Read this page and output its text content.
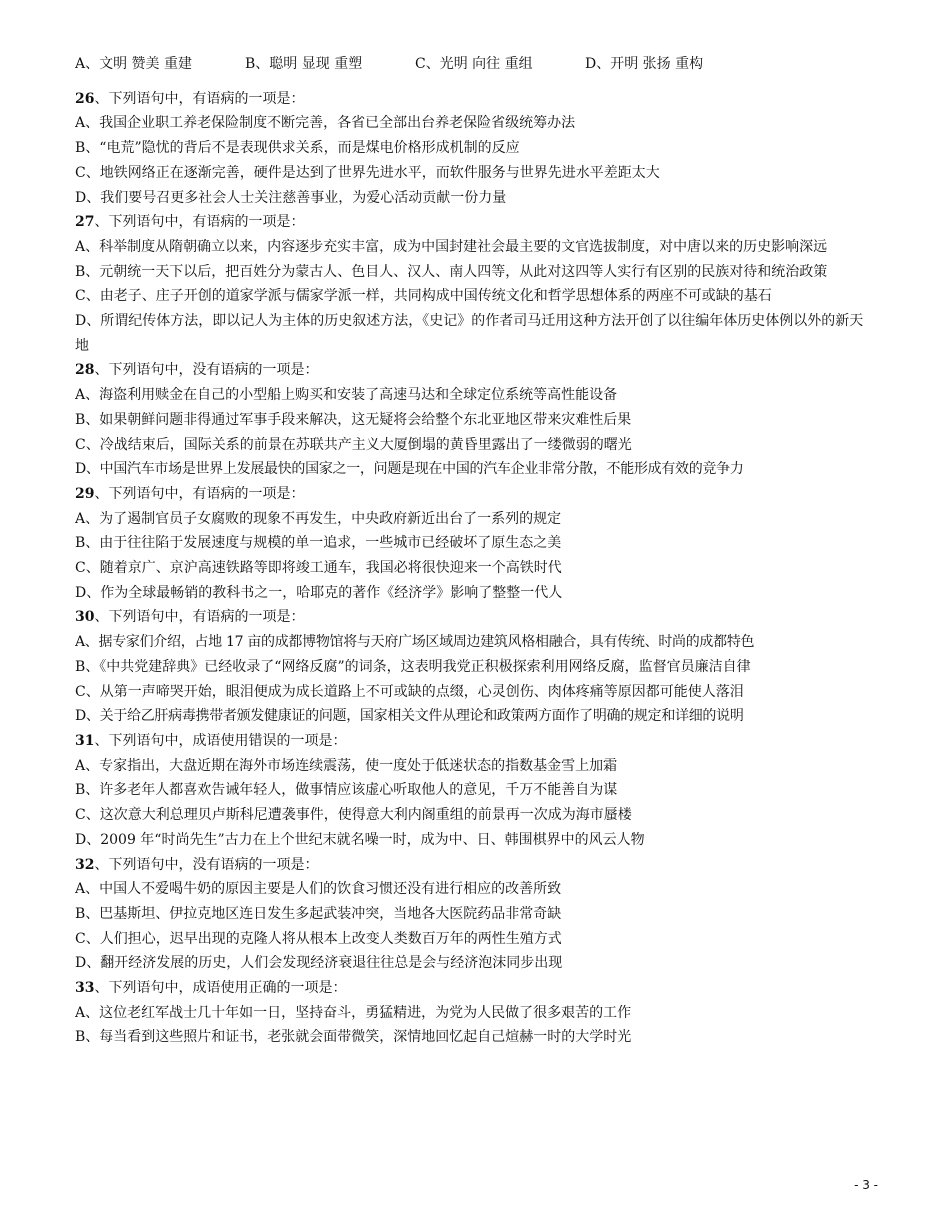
A、文明 赞美 重建	B、聪明 显现 重塑	C、光明 向往 重组	D、开明 张扬 重构
26、下列语句中，有语病的一项是：
A、我国企业职工养老保险制度不断完善，各省已全部出台养老保险省级统筹办法
B、“电荒”隐忧的背后不是表现供求关系，而是煤电价格形成机制的反应
C、地铁网络正在逐渐完善，硬件是达到了世界先进水平，而软件服务与世界先进水平差距太大
D、我们要号召更多社会人士关注慈善事业，为爱心活动贡献一份力量
27、下列语句中，有语病的一项是：
A、科举制度从隋朝确立以来，内容逐步充实丰富，成为中国封建社会最主要的文官选拔制度，对中唐以来的历史影响深远
B、元朝统一天下以后，把百姓分为蒙古人、色目人、汉人、南人四等，从此对这四等人实行有区别的民族对待和统治政策
C、由老子、庄子开创的道家学派与儒家学派一样，共同构成中国传统文化和哲学思想体系的两座不可或缺的基石
D、所谓纪传体方法，即以记人为主体的历史叙述方法，《史记》的作者司马迁用这种方法开创了以往编年体历史体例以外的新天地
28、下列语句中，没有语病的一项是：
A、海盗利用赎金在自己的小型船上购买和安装了高速马达和全球定位系统等高性能设备
B、如果朝鲜问题非得通过军事手段来解决，这无疑将会给整个东北亚地区带来灾难性后果
C、冷战结束后，国际关系的前景在苏联共产主义大厦倒塌的黄昏里露出了一缕微弱的曙光
D、中国汽车市场是世界上发展最快的国家之一，问题是现在中国的汽车企业非常分散，不能形成有效的竞争力
29、下列语句中，有语病的一项是：
A、为了遏制官员子女腐败的现象不再发生，中央政府新近出台了一系列的规定
B、由于往往陷于发展速度与规模的单一追求，一些城市已经破坏了原生态之美
C、随着京广、京沪高速铁路等即将竣工通车，我国必将很快迎来一个高铁时代
D、作为全球最畅销的教科书之一，哈耶克的著作《经济学》影响了整整一代人
30、下列语句中，有语病的一项是：
A、据专家们介绍，占地 17 亩的成都博物馆将与天府广场区域周边建筑风格相融合，具有传统、时尚的成都特色
B、《中共党建辞典》已经收录了“网络反腐”的词条，这表明我党正积极探索利用网络反腐，监督官员廉洁自律
C、从第一声啼哭开始，眼泪便成为成长道路上不可或缺的点缀，心灵创伤、肉体疼痛等原因都可能使人落泪
D、关于给乙肝病毒携带者颁发健康证的问题，国家相关文件从理论和政策两方面作了明确的规定和详细的说明
31、下列语句中，成语使用错误的一项是：
A、专家指出，大盘近期在海外市场连续震荡，使一度处于低迷状态的指数基金雪上加霜
B、许多老年人都喜欢告诫年轻人，做事情应该虚心听取他人的意见，千万不能善自为谋
C、这次意大利总理贝卢斯科尼遭袭事件，使得意大利内阁重组的前景再一次成为海市蜃楼
D、2009 年“时尚先生”古力在上个世纪末就名噪一时，成为中、日、韩围棋界中的风云人物
32、下列语句中，没有语病的一项是：
A、中国人不爱喝牛奶的原因主要是人们的饮食习惯还没有进行相应的改善所致
B、巴基斯坦、伊拉克地区连日发生多起武装冲突，当地各大医院药品非常奇缺
C、人们担心，迟早出现的克隆人将从根本上改变人类数百万年的两性生殖方式
D、翻开经济发展的历史，人们会发现经济衰退往往总是会与经济泡沫同步出现
33、下列语句中，成语使用正确的一项是：
A、这位老红军战士几十年如一日，坚持奋斗，勇猛精进，为党为人民做了很多艰苦的工作
B、每当看到这些照片和证书，老张就会面带微笑，深情地回忆起自己煊赫一时的大学时光
- 3 -
